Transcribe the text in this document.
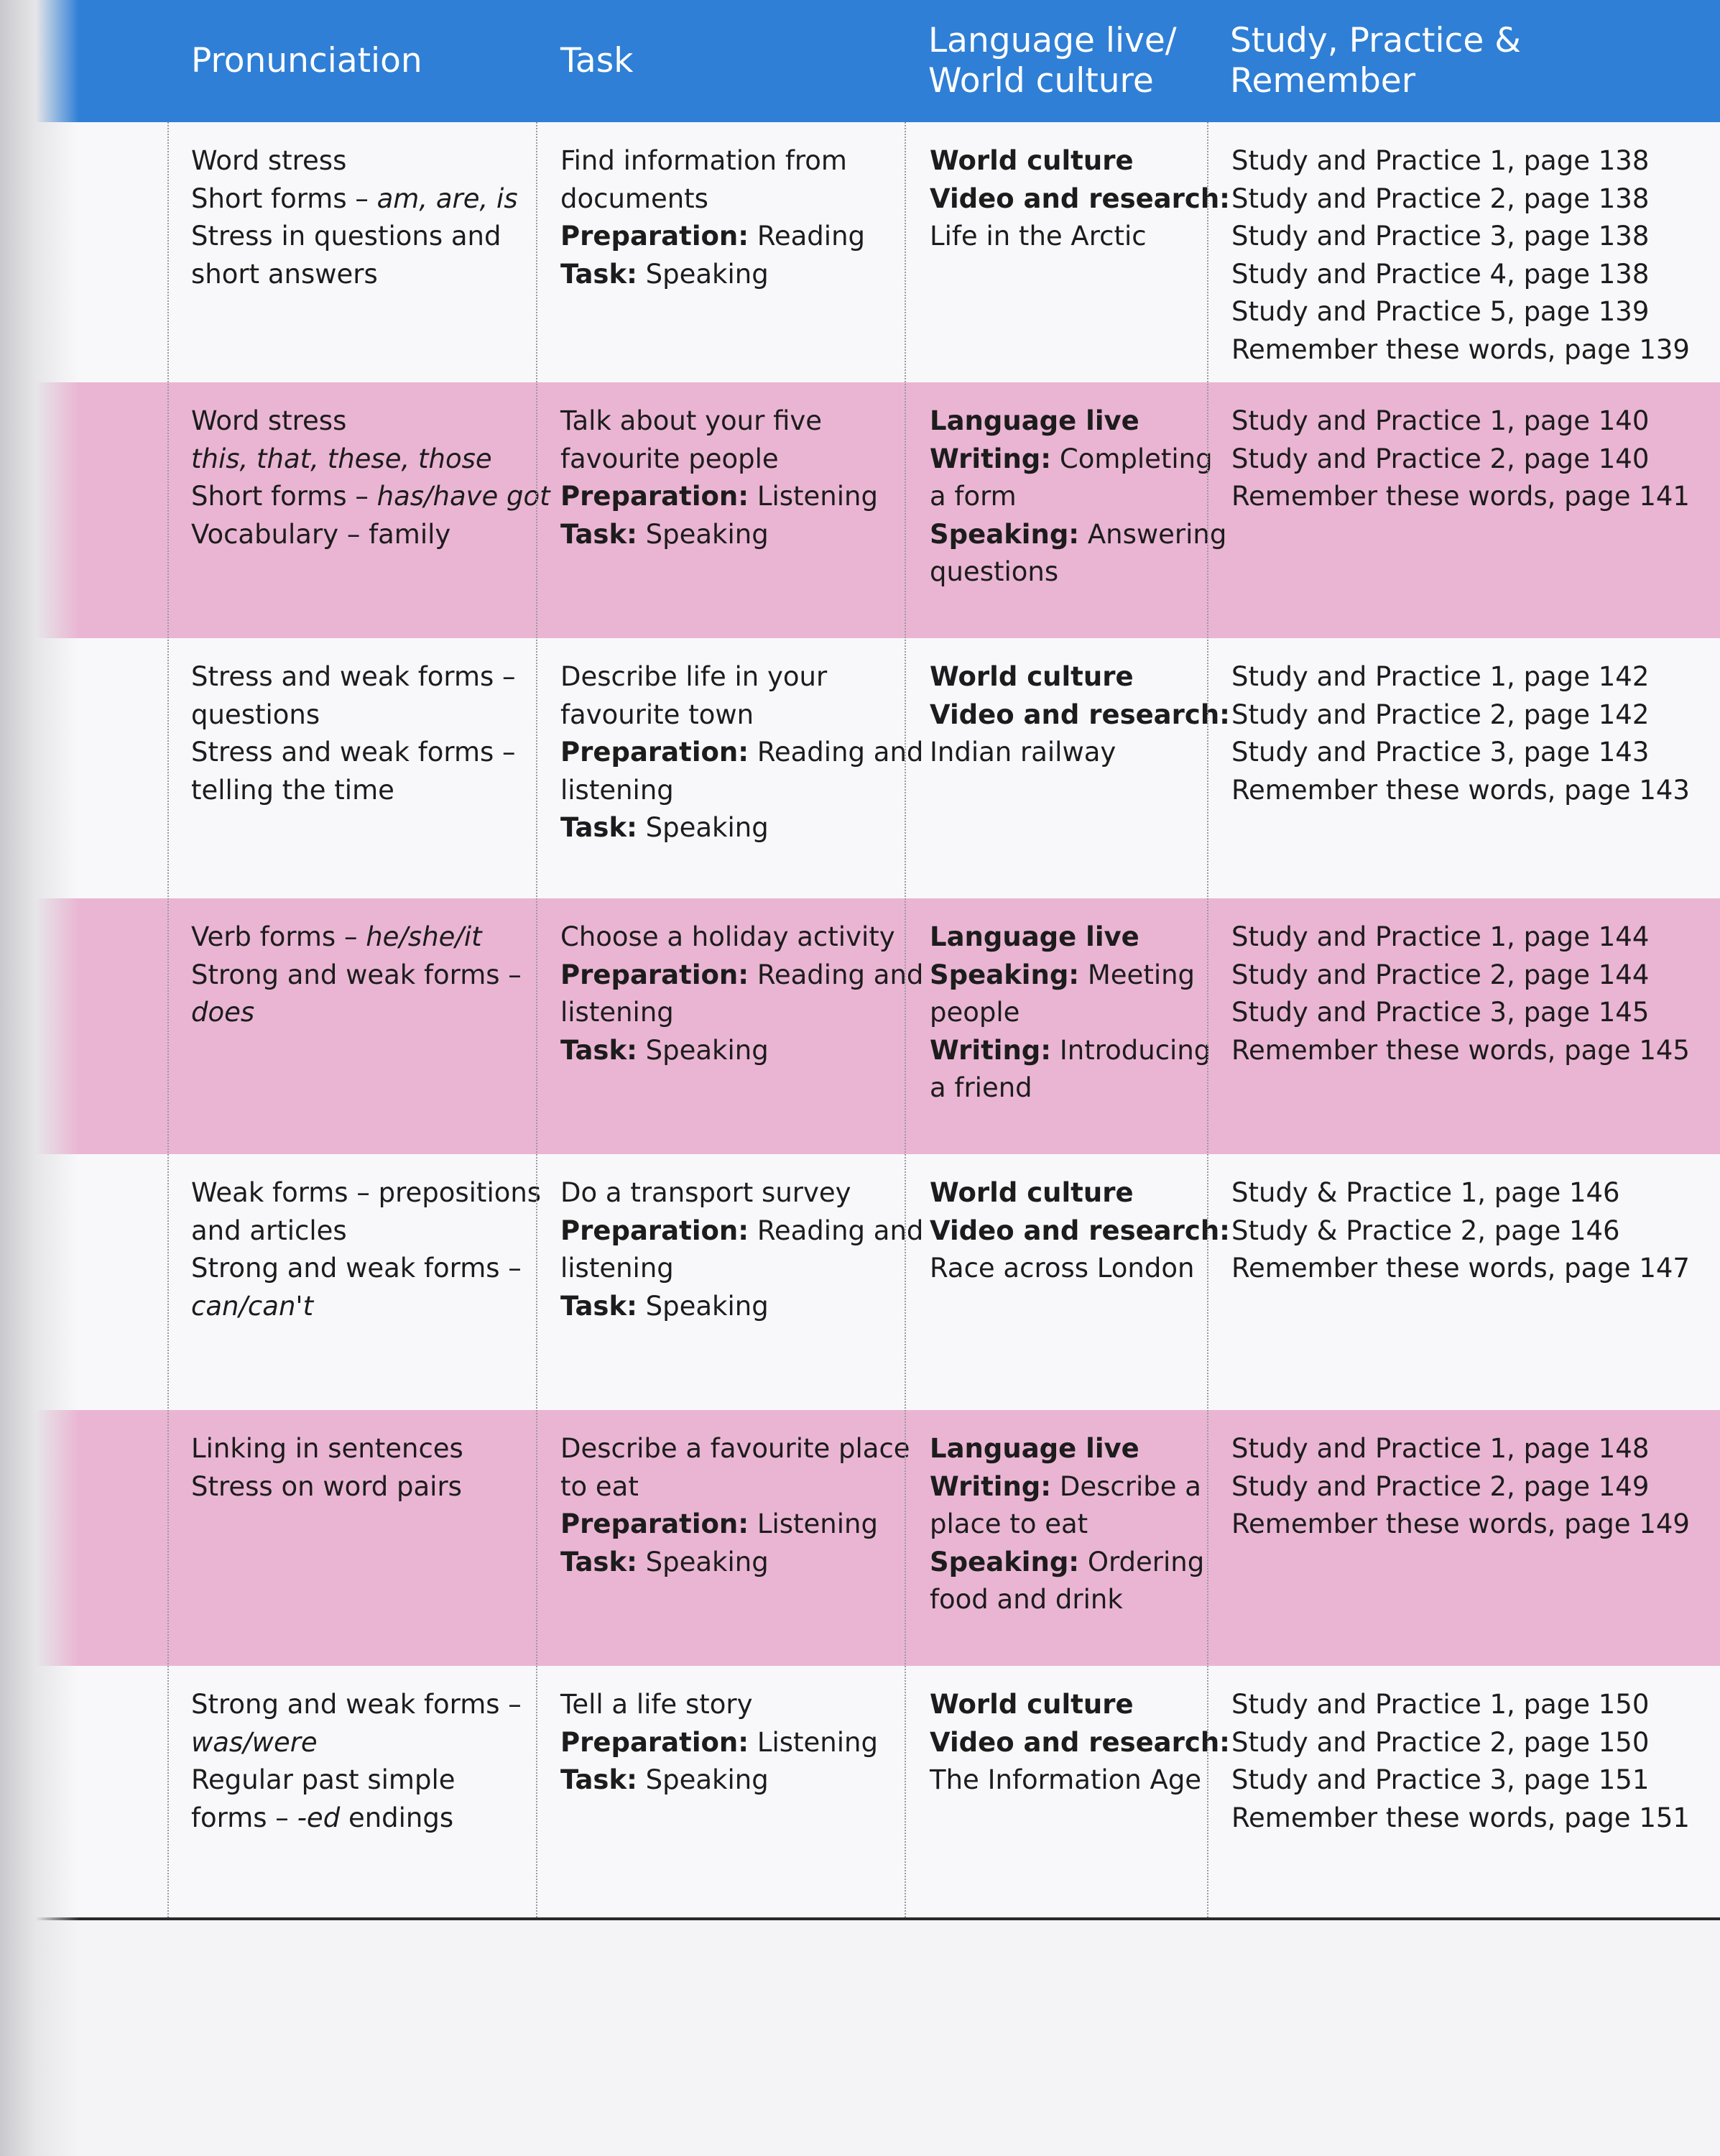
Pronunciation	Task
Language live/
World culture
Study, Practice &
Remember
Word stress
Short forms – am, are, is
Stress in questions and
short answers
Find information from
documents
Preparation: Reading
Task: Speaking
World culture
Video and research:
Life in the Arctic
Study and Practice 1, page 138
Study and Practice 2, page 138
Study and Practice 3, page 138
Study and Practice 4, page 138
Study and Practice 5, page 139
Remember these words, page 139
Word stress
this, that, these, those
Short forms – has/have got
Vocabulary – family
Talk about your five
favourite people
Preparation: Listening
Task: Speaking
Language live
Writing: Completing
a form
Speaking: Answering
questions
Study and Practice 1, page 140
Study and Practice 2, page 140
Remember these words, page 141
Stress and weak forms –
questions
Stress and weak forms –
telling the time
Describe life in your
favourite town
Preparation: Reading and
listening
Task: Speaking
World culture
Video and research:
Indian railway
Study and Practice 1, page 142
Study and Practice 2, page 142
Study and Practice 3, page 143
Remember these words, page 143
Verb forms – he/she/it
Strong and weak forms –
does
Choose a holiday activity
Preparation: Reading and
listening
Task: Speaking
Language live
Speaking: Meeting
people
Writing: Introducing
a friend
Study and Practice 1, page 144
Study and Practice 2, page 144
Study and Practice 3, page 145
Remember these words, page 145
Weak forms – prepositions
and articles
Strong and weak forms –
can/can't
Do a transport survey
Preparation: Reading and
listening
Task: Speaking
World culture
Video and research:
Race across London
Study & Practice 1, page 146
Study & Practice 2, page 146
Remember these words, page 147
Linking in sentences
Stress on word pairs
Describe a favourite place
to eat
Preparation: Listening
Task: Speaking
Language live
Writing: Describe a
place to eat
Speaking: Ordering
food and drink
Study and Practice 1, page 148
Study and Practice 2, page 149
Remember these words, page 149
Strong and weak forms –
was/were
Regular past simple
forms – -ed endings
Tell a life story
Preparation: Listening
Task: Speaking
World culture
Video and research:
The Information Age
Study and Practice 1, page 150
Study and Practice 2, page 150
Study and Practice 3, page 151
Remember these words, page 151
